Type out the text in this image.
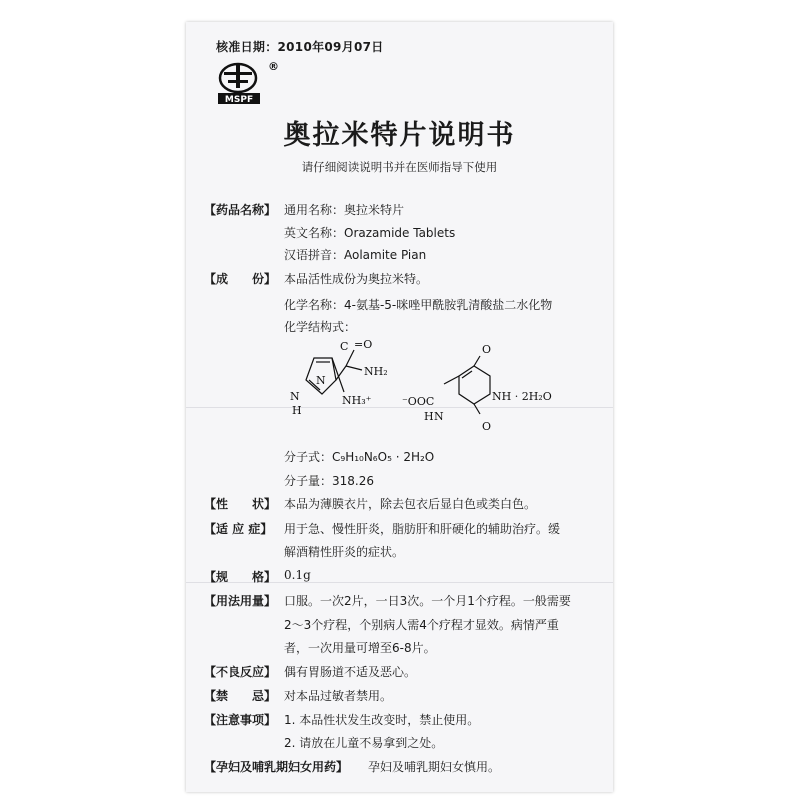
核准日期：2010年09月07日
MSPF
®
奥拉米特片说明书
请仔细阅读说明书并在医师指导下使用
【药品名称】 通用名称：奥拉米特片
英文名称：Orazamide Tablets
汉语拼音：Aolamite Pian
【成　　份】 本品活性成份为奥拉米特。
化学名称：4-氨基-5-咪唑甲酰胺乳清酸盐二水化物
化学结构式：
C =O
NH₂
N
N
H
NH₃⁺	⁻OOC
O
NH · 2H₂O
H N
O
分子式：C₉H₁₀N₆O₅ · 2H₂O
分子量：318.26
【性　　状】 本品为薄膜衣片，除去包衣后显白色或类白色。
【适 应 症】 用于急、慢性肝炎，脂肪肝和肝硬化的辅助治疗。缓
解酒精性肝炎的症状。
【规　　格】 0.1g
【用法用量】 口服。一次2片，一日3次。一个月1个疗程。一般需要
2～3个疗程，个别病人需4个疗程才显效。病情严重
者，一次用量可增至6-8片。
【不良反应】 偶有胃肠道不适及恶心。
【禁　　忌】 对本品过敏者禁用。
【注意事项】 1. 本品性状发生改变时，禁止使用。
2. 请放在儿童不易拿到之处。
【孕妇及哺乳期妇女用药】 孕妇及哺乳期妇女慎用。
